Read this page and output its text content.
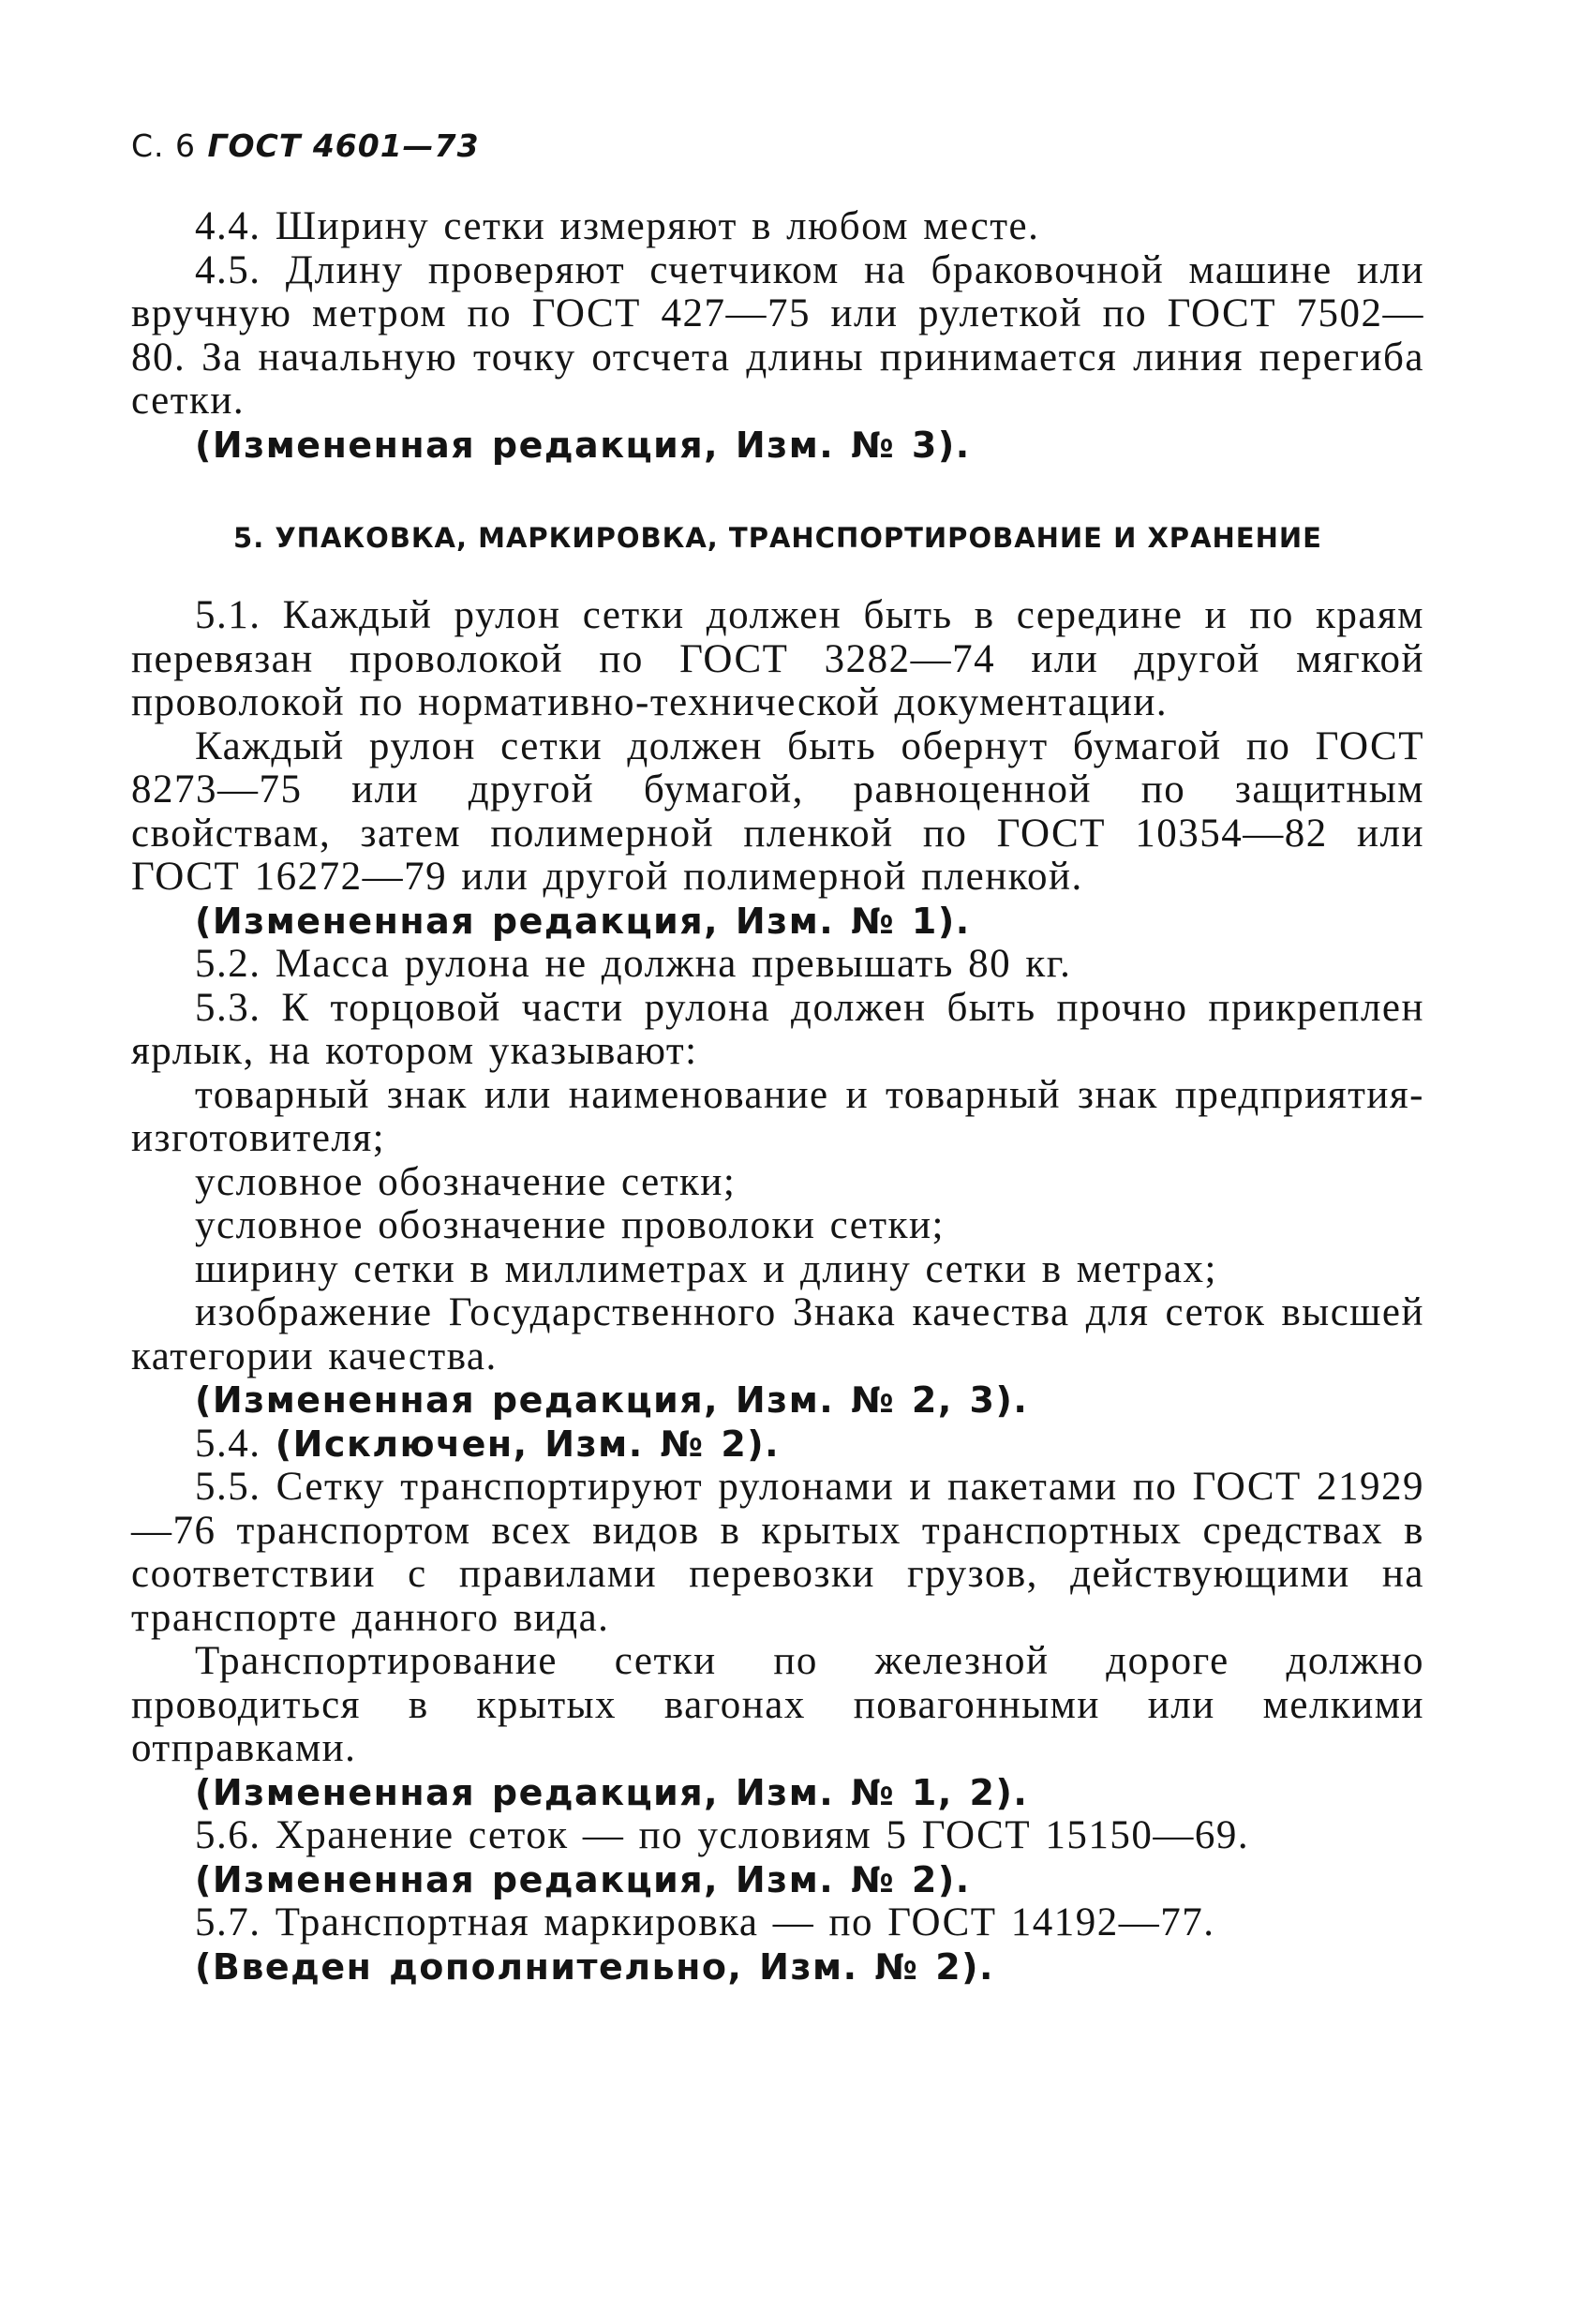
С. 6 ГОСТ 4601—73

4.4. Ширину сетки измеряют в любом месте.

4.5. Длину проверяют счетчиком на браковочной машине или вручную метром по ГОСТ 427—75 или рулеткой по ГОСТ 7502—80. За начальную точку отсчета длины принимается линия перегиба сетки.

(Измененная редакция, Изм. № 3).

5. УПАКОВКА, МАРКИРОВКА, ТРАНСПОРТИРОВАНИЕ И ХРАНЕНИЕ

5.1. Каждый рулон сетки должен быть в середине и по краям перевязан проволокой по ГОСТ 3282—74 или другой мягкой проволокой по нормативно-технической документации.

Каждый рулон сетки должен быть обернут бумагой по ГОСТ 8273—75 или другой бумагой, равноценной по защитным свойствам, затем полимерной пленкой по ГОСТ 10354—82 или ГОСТ 16272—79 или другой полимерной пленкой.

(Измененная редакция, Изм. № 1).

5.2. Масса рулона не должна превышать 80 кг.

5.3. К торцовой части рулона должен быть прочно прикреплен ярлык, на котором указывают:

товарный знак или наименование и товарный знак предприятия-изготовителя;

условное обозначение сетки;

условное обозначение проволоки сетки;

ширину сетки в миллиметрах и длину сетки в метрах;

изображение Государственного Знака качества для сеток высшей категории качества.

(Измененная редакция, Изм. № 2, 3).

5.4. (Исключен, Изм. № 2).

5.5. Сетку транспортируют рулонами и пакетами по ГОСТ 21929—76 транспортом всех видов в крытых транспортных средствах в соответствии с правилами перевозки грузов, действующими на транспорте данного вида.

Транспортирование сетки по железной дороге должно проводиться в крытых вагонах повагонными или мелкими отправками.

(Измененная редакция, Изм. № 1, 2).

5.6. Хранение сеток — по условиям 5 ГОСТ 15150—69.

(Измененная редакция, Изм. № 2).

5.7. Транспортная маркировка — по ГОСТ 14192—77.

(Введен дополнительно, Изм. № 2).
